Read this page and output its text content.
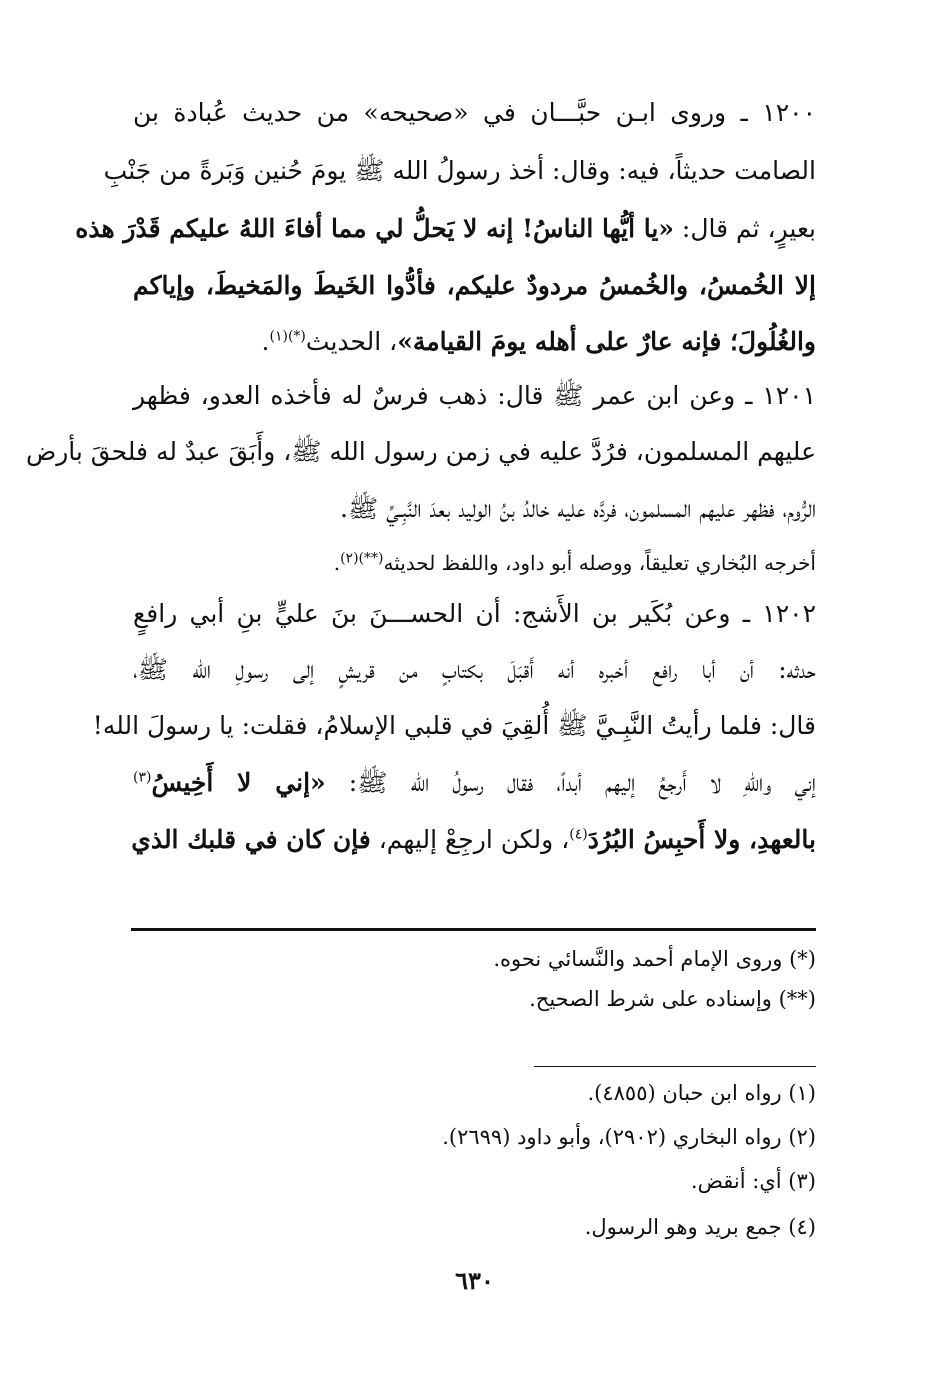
١٢٠٠ ـ وروى ابـن حبَّـــان في «صحيحه» من حديث عُبادة بن
الصامت حديثاً، فيه: وقال: أخذ رسولُ الله ﷺ يومَ حُنين وَبَرةً من جَنْبِ
بعيرٍ، ثم قال: «يا أيُّها الناسُ! إنه لا يَحلُّ لي مما أفاءَ اللهُ عليكم قَدْرَ هذه
إلا الخُمسُ، والخُمسُ مردودٌ عليكم، فأدُّوا الخَيطَ والمَخيطَ، وإياكم
والغُلُولَ؛ فإنه عارٌ على أهله يومَ القيامة»، الحديث$^{(*)(١)}$.
١٢٠١ ـ وعن ابن عمر ﷺ قال: ذهب فرسٌ له فأخذه العدو، فظهر
عليهم المسلمون، فرُدَّ عليه في زمن رسول الله ﷺ، وأَبَقَ عبدٌ له فلحقَ بأرض
الرُّوم، فظهر عليهم المسلمون، فردَّه عليه خالدُ بنُ الوليد بعدَ النَّبِـيِّ ﷺ.
أخرجه البُخاري تعليقاً، ووصله أبو داود، واللفظ لحديثه$^{(**)(٢)}$.
١٢٠٢ ـ وعن بُكَير بن الأَشج: أن الحســـنَ بنَ عليٍّ بنِ أبي رافعٍ
حدثه: أن أبا رافع أخبره أنه أَقبَلَ بكتابٍ من قريشٍ إلى رسولِ الله ﷺ،
قال: فلما رأيتُ النَّبِـيَّ ﷺ أُلقِيَ في قلبي الإسلامُ، فقلت: يا رسولَ الله!
إني واللهِ لا أَرجعُ إليهم أبداً، فقال رسولُ الله ﷺ: «إني لا أَخِيسُ$^{(٣)}$
بالعهدِ، ولا أَحبِسُ البُرُدَ$^{(٤)}$، ولكن ارجِعْ إليهم، فإن كان في قلبك الذي
(*) وروى الإمام أحمد والنَّسائي نحوه.
(**) وإسناده على شرط الصحيح.
(١) رواه ابن حبان (٤٨٥٥).
(٢) رواه البخاري (٢٩٠٢)، وأبو داود (٢٦٩٩).
(٣) أي: أنقض.
(٤) جمع بريد وهو الرسول.
٦٣٠
